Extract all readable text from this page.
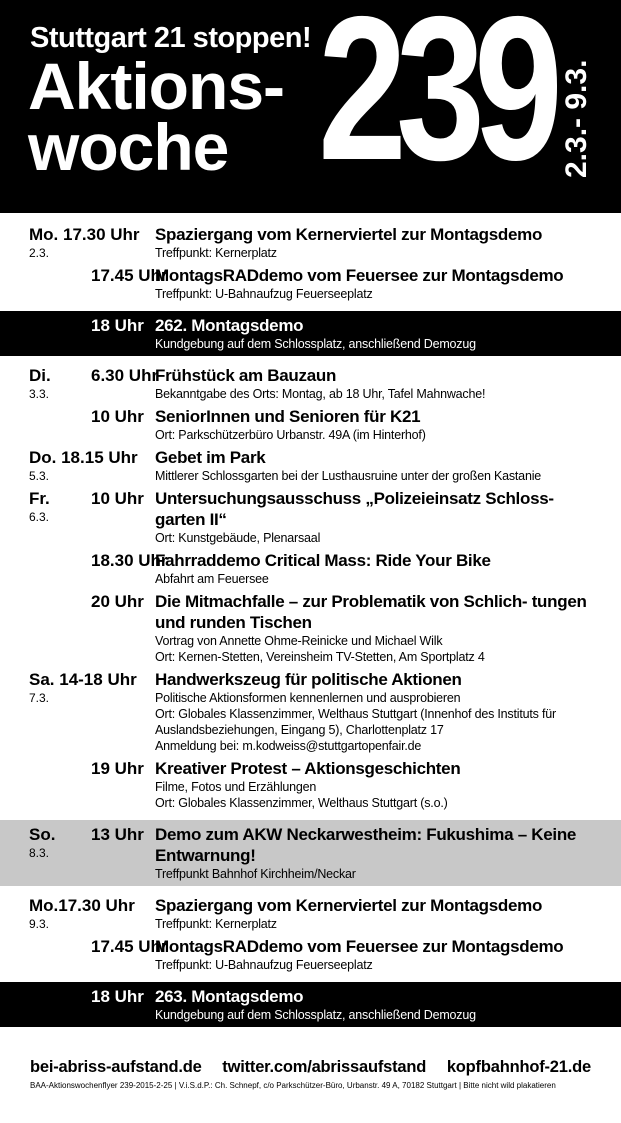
Stuttgart 21 stoppen!
Aktions-
woche 239 2.3.- 9.3.
Mo. 17.30 Uhr
2.3.
Spaziergang vom Kernerviertel zur Montagsdemo
Treffpunkt: Kernerplatz
17.45 Uhr
MontagsRADdemo vom Feuersee zur Montagsdemo
Treffpunkt: U-Bahnaufzug Feuerseeplatz
18 Uhr 262. Montagsdemo
Kundgebung auf dem Schlossplatz, anschließend Demozug
Di.
3.3.
6.30 Uhr
Frühstück am Bauzaun
Bekanntgabe des Orts: Montag, ab 18 Uhr, Tafel Mahnwache!
10 Uhr SeniorInnen und Senioren für K21
Ort: Parkschützerbüro Urbanstr. 49A (im Hinterhof)
Do. 18.15 Uhr
5.3.
Gebet im Park
Mittlerer Schlossgarten bei der Lusthausruine unter der großen Kastanie
Fr.
6.3.
10 Uhr Untersuchungsausschuss „Polizeieinsatz Schloss- garten II“
Ort: Kunstgebäude, Plenarsaal
18.30 Uhr
Fahrraddemo Critical Mass: Ride Your Bike
Abfahrt am Feuersee
20 Uhr Die Mitmachfalle – zur Problematik von Schlich- tungen und runden Tischen
Vortrag von Annette Ohme-Reinicke und Michael Wilk
Ort: Kernen-Stetten, Vereinsheim TV-Stetten, Am Sportplatz 4
Sa. 14-18 Uhr
7.3.
Handwerkszeug für politische Aktionen
Politische Aktionsformen kennenlernen und ausprobieren
Ort: Globales Klassenzimmer, Welthaus Stuttgart (Innenhof des Instituts für
Auslandsbeziehungen, Eingang 5), Charlottenplatz 17
Anmeldung bei: m.kodweiss@stuttgartopenfair.de
19 Uhr Kreativer Protest – Aktionsgeschichten
Filme, Fotos und Erzählungen
Ort: Globales Klassenzimmer, Welthaus Stuttgart (s.o.)
So.
8.3.
13 Uhr Demo zum AKW Neckarwestheim: Fukushima – Keine Entwarnung!
Treffpunkt Bahnhof Kirchheim/Neckar
Mo.17.30 Uhr
9.3.
Spaziergang vom Kernerviertel zur Montagsdemo
Treffpunkt: Kernerplatz
17.45 Uhr
MontagsRADdemo vom Feuersee zur Montagsdemo
Treffpunkt: U-Bahnaufzug Feuerseeplatz
18 Uhr 263. Montagsdemo
Kundgebung auf dem Schlossplatz, anschließend Demozug
bei-abriss-aufstand.de twitter.com/abrissaufstand kopfbahnhof-21.de
BAA-Aktionswochenflyer 239-2015-2-25 | V.i.S.d.P.: Ch. Schnepf, c/o Parkschützer-Büro, Urbanstr. 49 A, 70182 Stuttgart | Bitte nicht wild plakatieren
